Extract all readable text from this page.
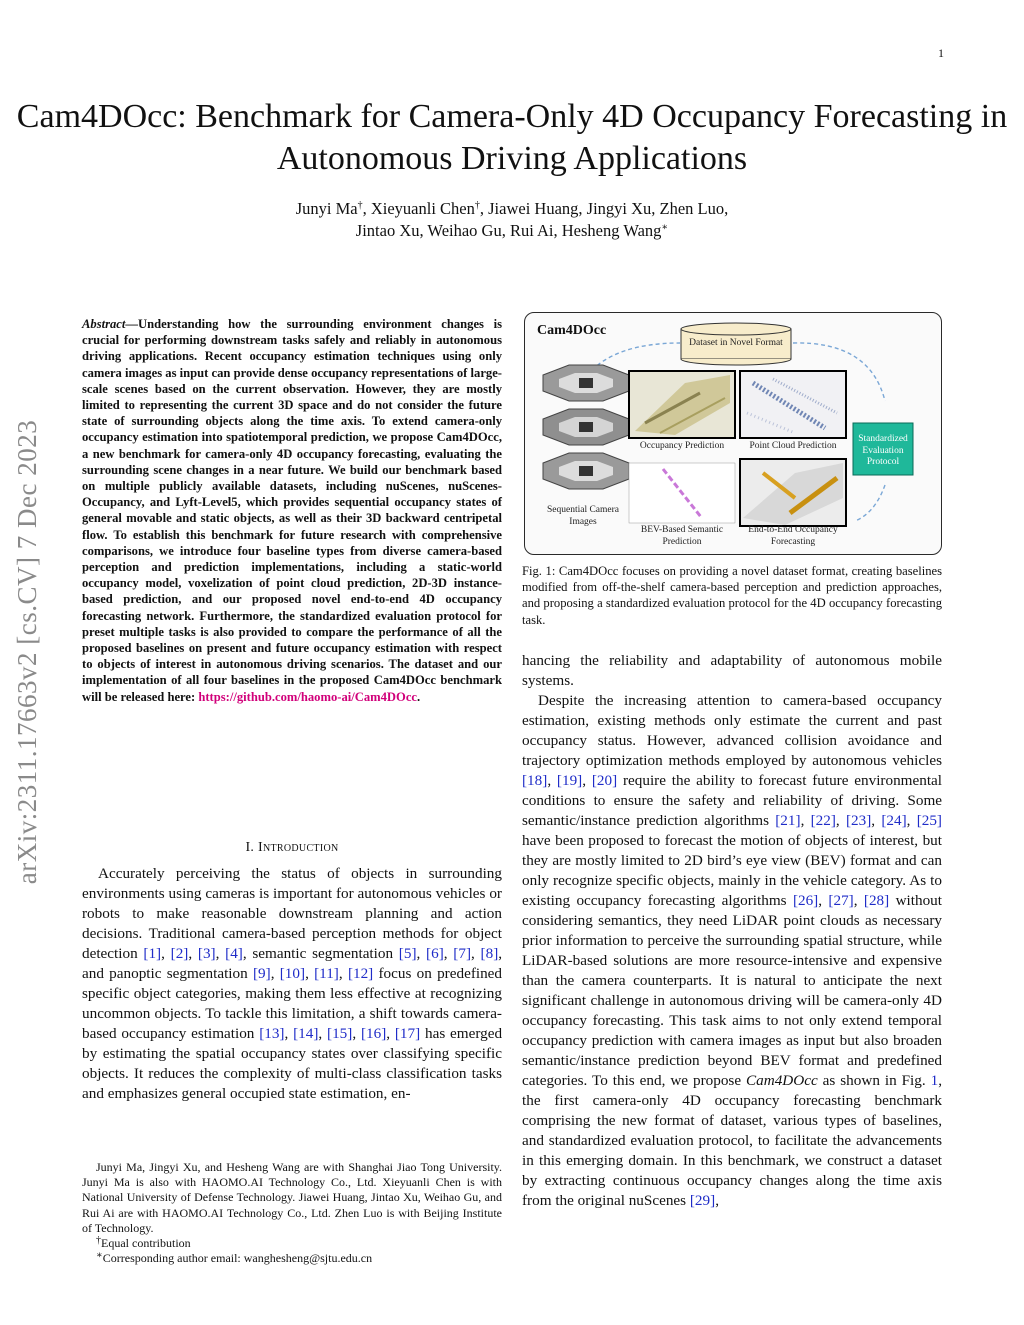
1
arXiv:2311.17663v2 [cs.CV] 7 Dec 2023
Cam4DOcc: Benchmark for Camera-Only 4D Occupancy Forecasting in Autonomous Driving Applications
Junyi Ma†, Xieyuanli Chen†, Jiawei Huang, Jingyi Xu, Zhen Luo,
Jintao Xu, Weihao Gu, Rui Ai, Hesheng Wang∗
Abstract—Understanding how the surrounding environment changes is crucial for performing downstream tasks safely and reliably in autonomous driving applications. Recent occupancy estimation techniques using only camera images as input can provide dense occupancy representations of large-scale scenes based on the current observation. However, they are mostly limited to representing the current 3D space and do not consider the future state of surrounding objects along the time axis. To extend camera-only occupancy estimation into spatiotemporal prediction, we propose Cam4DOcc, a new benchmark for camera-only 4D occupancy forecasting, evaluating the surrounding scene changes in a near future. We build our benchmark based on multiple publicly available datasets, including nuScenes, nuScenes-Occupancy, and Lyft-Level5, which provides sequential occupancy states of general movable and static objects, as well as their 3D backward centripetal flow. To establish this benchmark for future research with comprehensive comparisons, we introduce four baseline types from diverse camera-based perception and prediction implementations, including a static-world occupancy model, voxelization of point cloud prediction, 2D-3D instance-based prediction, and our proposed novel end-to-end 4D occupancy forecasting network. Furthermore, the standardized evaluation protocol for preset multiple tasks is also provided to compare the performance of all the proposed baselines on present and future occupancy estimation with respect to objects of interest in autonomous driving scenarios. The dataset and our implementation of all four baselines in the proposed Cam4DOcc benchmark will be released here: https://github.com/haomo-ai/Cam4DOcc.
I. Introduction

Accurately perceiving the status of objects in surrounding environments using cameras is important for autonomous vehicles or robots to make reasonable downstream planning and action decisions. Traditional camera-based perception methods for object detection [1], [2], [3], [4], semantic segmentation [5], [6], [7], [8], and panoptic segmentation [9], [10], [11], [12] focus on predefined specific object categories, making them less effective at recognizing uncommon objects. To tackle this limitation, a shift towards camera-based occupancy estimation [13], [14], [15], [16], [17] has emerged by estimating the spatial occupancy states over classifying specific objects. It reduces the complexity of multi-class classification tasks and emphasizes general occupied state estimation, en-

Junyi Ma, Jingyi Xu, and Hesheng Wang are with Shanghai Jiao Tong University. Junyi Ma is also with HAOMO.AI Technology Co., Ltd. Xieyuanli Chen is with National University of Defense Technology. Jiawei Huang, Jintao Xu, Weihao Gu, and Rui Ai are with HAOMO.AI Technology Co., Ltd. Zhen Luo is with Beijing Institute of Technology.

†Equal contribution

∗Corresponding author email: wanghesheng@sjtu.edu.cn

Cam4DOcc
Dataset in Novel Format
Sequential Camera Images
Occupancy Prediction	Point Cloud Prediction
BEV-Based Semantic Prediction
End-to-End Occupancy Forecasting
Standardized Evaluation Protocol
Fig. 1: Cam4DOcc focuses on providing a novel dataset format, creating baselines modified from off-the-shelf camera-based perception and prediction approaches, and proposing a standardized evaluation protocol for the 4D occupancy forecasting task.

hancing the reliability and adaptability of autonomous mobile systems.

Despite the increasing attention to camera-based occupancy estimation, existing methods only estimate the current and past occupancy status. However, advanced collision avoidance and trajectory optimization methods employed by autonomous vehicles [18], [19], [20] require the ability to forecast future environmental conditions to ensure the safety and reliability of driving. Some semantic/instance prediction algorithms [21], [22], [23], [24], [25] have been proposed to forecast the motion of objects of interest, but they are mostly limited to 2D bird’s eye view (BEV) format and can only recognize specific objects, mainly in the vehicle category. As to existing occupancy forecasting algorithms [26], [27], [28] without considering semantics, they need LiDAR point clouds as necessary prior information to perceive the surrounding spatial structure, while LiDAR-based solutions are more resource-intensive and expensive than the camera counterparts. It is natural to anticipate the next significant challenge in autonomous driving will be camera-only 4D occupancy forecasting. This task aims to not only extend temporal occupancy prediction with camera images as input but also broaden semantic/instance prediction beyond BEV format and predefined categories. To this end, we propose Cam4DOcc as shown in Fig. 1, the first camera-only 4D occupancy forecasting benchmark comprising the new format of dataset, various types of baselines, and standardized evaluation protocol, to facilitate the advancements in this emerging domain. In this benchmark, we construct a dataset by extracting continuous occupancy changes along the time axis from the original nuScenes [29],
